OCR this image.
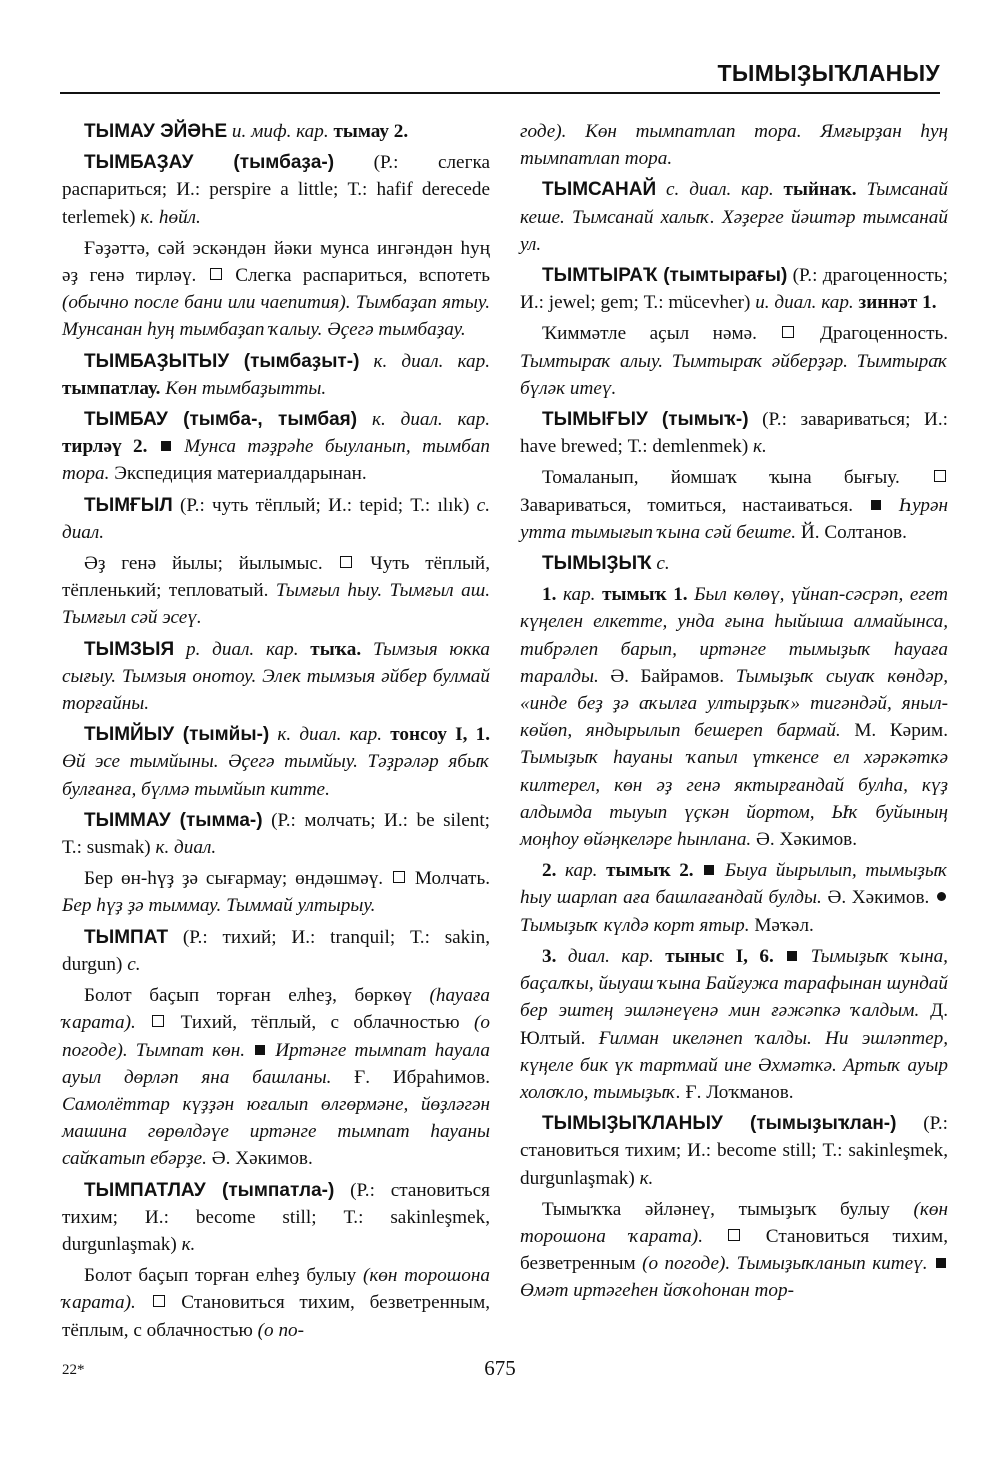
ТЫМЫҘЫҠЛАНЫУ

ТЫМАУ ЭЙӘҺЕ и. миф. кар. тымау 2.

ТЫМБАҘАУ (тымбаҙа-) (Р.: слегка распариться; И.: perspire a little; Т.: hafif derecede terlemek) к. һөйл.

Ғәҙәттә, сәй эскәндән йәки мунса ингәндән һуң әҙ генә тирләү.  Слегка распариться, вспотеть (обычно после бани или чаепития). Тымбаҙап ятыу. Мунсанан һуң тымбаҙап ҡалыу. Әҫегә тымбаҙау.

ТЫМБАҘЫТЫУ (тымбаҙыт-) к. диал. кар. тымпатлау. Көн тымбаҙытты.

ТЫМБАУ (тымба-, тымбая) к. диал. кар. тирләү 2.  Мунса тәҙрәһе быуланып, тымбап тора. Экспедиция материалдарынан.

ТЫМҒЫЛ (Р.: чуть тёплый; И.: tepid; Т.: ılık) с. диал.

Әҙ генә йылы; йылымыс.  Чуть тёплый, тёпленький; тепловатый. Тымғыл һыу. Тымғыл аш. Тымғыл сәй эсеү.

ТЫМЗЫЯ р. диал. кар. тыҡа. Тымзыя юкка сығыу. Тымзыя онотоу. Элек тымзыя әйбер булмай торғайны.

ТЫМЙЫУ (тымйы-) к. диал. кар. тонсоу I, 1. Өй эсе тымйыны. Әҫегә тымйыу. Тәҙрәләр ябыҡ булғанға, бүлмә тымйып китте.

ТЫММАУ (тымма-) (Р.: молчать; И.: be silent; Т.: susmak) к. диал.

Бер өн-һүҙ ҙә сығармау; өндәшмәү.  Молчать. Бер һүҙ ҙә тыммау. Тыммай ултырыу.

ТЫМПАТ (Р.: тихий; И.: tranquil; Т.: sakin, durgun) с.

Болот баҫып торған елһеҙ, бөркөү (һауаға ҡарата).  Тихий, тёплый, с облачностью (о погоде). Тымпат көн.  Иртәнге тымпат һауала ауыл дөрләп яна башланы. Ғ. Ибраһимов. Самолёттар күҙҙән юғалып өлгөрмәне, йөҙләгән машина гөрөлдәүе иртәнге тымпат һауаны сайҡатып ебәрҙе. Ә. Хәкимов.

ТЫМПАТЛАУ (тымпатла-) (Р.: становиться тихим; И.: become still; Т.: sakinleşmek, durgunlaşmak) к.

Болот баҫып торған елһеҙ булыу (көн торошона ҡарата).  Становиться тихим, безветренным, тёплым, с облачностью (о по-

годе). Көн тымпатлап тора. Ямғырҙан һуң тымпатлап тора.

ТЫМСАНАЙ с. диал. кар. тыйнаҡ. Тымсанай кеше. Тымсанай халыҡ. Хәҙерге йәштәр тымсанай ул.

ТЫМТЫРАҠ (тымтырағы) (Р.: драгоценность; И.: jewel; gem; Т.: mücevher) и. диал. кар. зиннәт 1.

Ҡиммәтле аҫыл нәмә.  Драгоценность. Тымтыраҡ алыу. Тымтыраҡ әйберҙәр. Тымтыраҡ бүләк итеү.

ТЫМЫҒЫУ (тымыҡ-) (Р.: завариваться; И.: have brewed; Т.: demlenmek) к.

Томаланып, йомшаҡ ҡына бығыу.  Завариваться, томиться, настаиваться.  Һурән утта тымығып ҡына сәй беште. Й. Солтанов.

ТЫМЫҘЫҠ с.

1. кар. тымыҡ 1. Был көлөү, үйнап-сәсрәп, егет күңелен елкетте, унда ғына һыйыша алмайынса, тибрәлеп барып, иртәнге тымыҙыҡ һауаға таралды. Ә. Байрамов. Тымыҙыҡ сыуаҡ көндәр, «инде беҙ ҙә аҡылға ултырҙыҡ» тигәндәй, яныл-көйөп, яндырылып бешереп бармай. М. Кәрим. Тымыҙыҡ һауаны ҡапыл үткенсе ел хәрәкәткә килтерел, көн әҙ генә яктырғандай булһа, күҙ алдымда тыуып үҫкән йортом, Ыҡ буйының моңһоу өйәңкеләре һынлана. Ә. Хәкимов.

2. кар. тымыҡ 2.  Быуа йырылып, тымыҙыҡ һыу шарлап аға башлағандай булды. Ә. Хәкимов.  Тымыҙыҡ күлдә корт ятыр. Мәҡәл.

3. диал. кар. тыныс I, 6.  Тымыҙыҡ ҡына, баҫалҡы, йыуаш ҡына Байғужа тарафынан шундай бер эштең эшләнеүенә мин ғәжәпкә ҡалдым. Д. Юлтый. Ғилман икеләнеп ҡалды. Ни эшләптер, күңеле бик үк тартмай ине Әхмәткә. Артыҡ ауыр холоҡло, тымыҙыҡ. Ғ. Лоҡманов.

ТЫМЫҘЫҠЛАНЫУ (тымыҙыҡлан-) (Р.: становиться тихим; И.: become still; Т.: sakinleşmek, durgunlaşmak) к.

Тымыҡҡа әйләнеү, тымыҙыҡ булыу (көн торошона ҡарата).  Становиться тихим, безветренным (о погоде). Тымыҙыҡланып китеү.  Өмәт иртәгеһен йоҡоһонан тор-

22*	675
